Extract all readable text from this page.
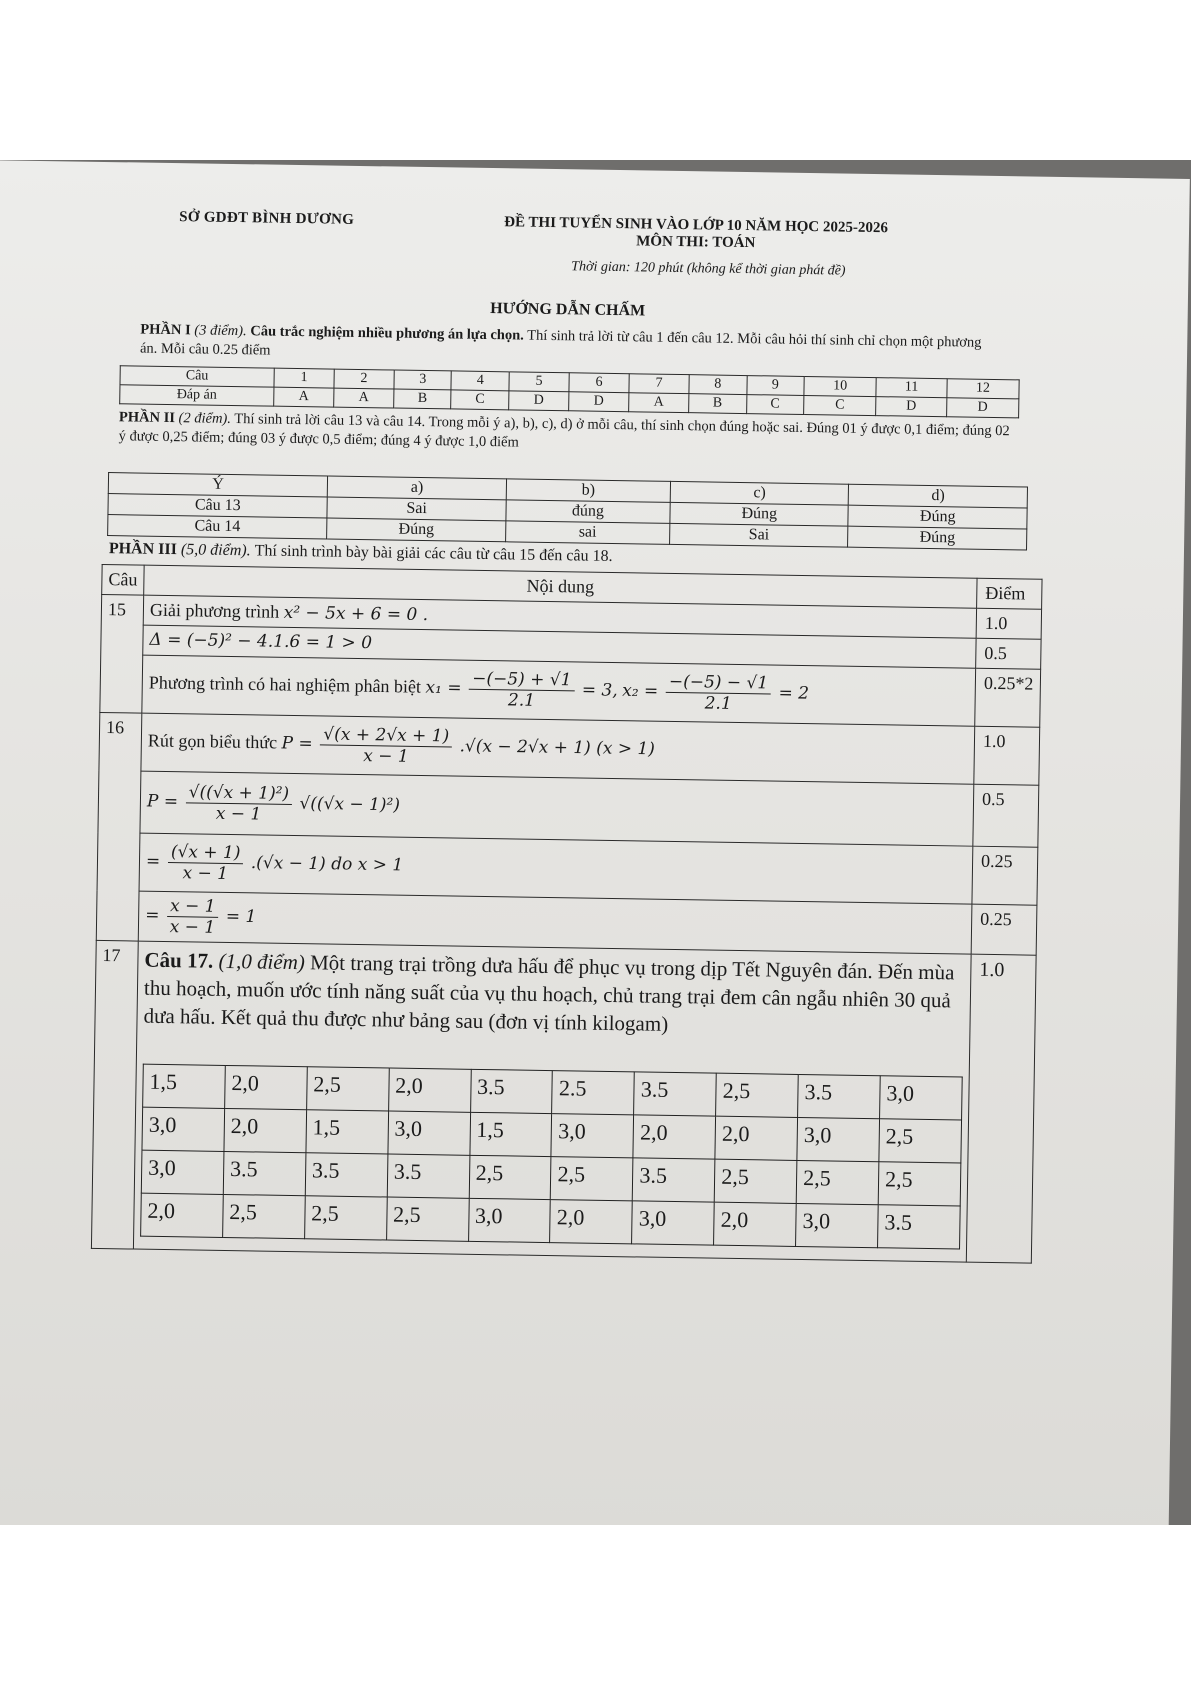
SỞ GDĐT BÌNH DƯƠNG	ĐỀ THI TUYỂN SINH VÀO LỚP 10 NĂM HỌC 2025-2026
MÔN THI: TOÁN
Thời gian: 120 phút (không kể thời gian phát đề)
HƯỚNG DẪN CHẤM
PHẦN I (3 điểm). Câu trắc nghiệm nhiều phương án lựa chọn. Thí sinh trả lời từ câu 1 đến câu 12. Mỗi câu hỏi thí sinh chỉ chọn một phương án. Mỗi câu 0.25 điểm
Câu	1	2	3	4	5	6	7	8	9	10	11	12
Đáp án	A	A	B	C	D	D	A	B	C	C	D	D
PHẦN II (2 điểm). Thí sinh trả lời câu 13 và câu 14. Trong mỗi ý a), b), c), d) ở mỗi câu, thí sinh chọn đúng hoặc sai. Đúng 01 ý được 0,1 điểm; đúng 02 ý được 0,25 điểm; đúng 03 ý được 0,5 điểm; đúng 4 ý được 1,0 điểm
Ý	a)	b)	c)	d)
Câu 13	Sai	đúng	Đúng	Đúng
Câu 14	Đúng	sai	Sai	Đúng
PHẦN III (5,0 điểm). Thí sinh trình bày bài giải các câu từ câu 15 đến câu 18.
Câu	Nội dung	Điểm
15	Giải phương trình x² − 5x + 6 = 0 .	1.0
Δ = (−5)² − 4.1.6 = 1 > 0	0.5
Phương trình có hai nghiệm phân biệt $x_1 = \frac{-(-5) + √1}{2.1} = 3$, $x_2 = \frac{-(-5) - √1}{2.1} = 2$	0.25*2
16	Rút gọn biểu thức $P = \frac{√(x + 2√x + 1)}{x - 1} .√(x - 2√x + 1) (x > 1)$	1.0
$P = \frac{\text{√((√x + 1)²)}}{x - 1} √((√x - 1)^2)$	0.5
= $\frac{(√x + 1)}{x - 1} .(√x - 1)$ do x > 1	0.25
= $\frac{x - 1}{x - 1} = 1$	0.25
17	Câu 17. (1,0 điểm) Một trang trại trồng dưa hấu để phục vụ trong dịp Tết Nguyên đán. Đến mùa thu hoạch, muốn ước tính năng suất của vụ thu hoạch, chủ trang trại đem cân ngẫu nhiên 30 quả dưa hấu. Kết quả thu được như bảng sau (đơn vị tính kilogam)
1,5	2,0	2,5	2,0	3.5	2.5	3.5	2,5	3.5	3,0
3,0	2,0	1,5	3,0	1,5	3,0	2,0	2,0	3,0	2,5
3,0	3.5	3.5	3.5	2,5	2,5	3.5	2,5	2,5	2,5
2,0	2,5	2,5	2,5	3,0	2,0	3,0	2,0	3,0	3.5
	1.0
